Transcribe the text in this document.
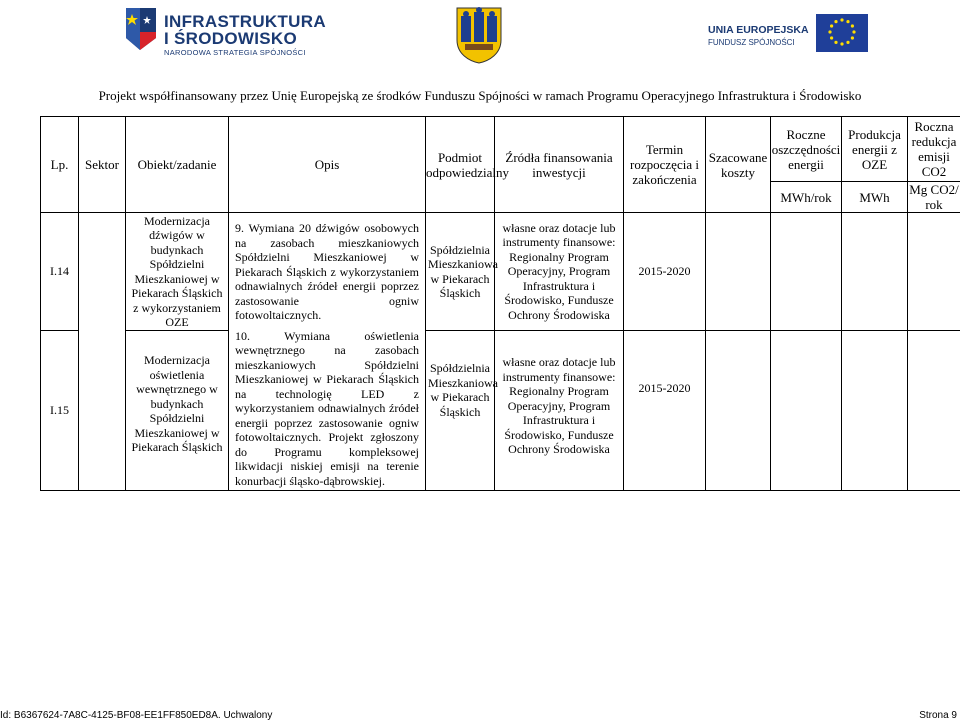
INFRASTRUKTURA
I ŚRODOWISKO
NARODOWA STRATEGIA SPÓJNOŚCI
UNIA EUROPEJSKA
FUNDUSZ SPÓJNOŚCI
Projekt współfinansowany przez Unię Europejską ze środków Funduszu Spójności w ramach Programu Operacyjnego Infrastruktura i Środowisko
Lp.	Sektor	Obiekt/zadanie	Opis	Podmiot odpowiedzialny	Źródła finansowania inwestycji	Termin rozpoczęcia i zakończenia	Szacowane koszty	Roczne oszczędności energii	Produkcja energii z OZE	Roczna redukcja emisji CO2
								MWh/rok	MWh	Mg CO2/ rok
I.14		Modernizacja dźwigów w budynkach Spółdzielni Mieszkaniowej w Piekarach Śląskich z wykorzystaniem OZE	9. Wymiana 20 dźwigów osobowych na zasobach mieszkaniowych Spółdzielni Mieszkaniowej w Piekarach Śląskich z wykorzystaniem odnawialnych źródeł energii poprzez zastosowanie ogniw fotowoltaicznych.

10. Wymiana oświetlenia wewnętrznego na zasobach mieszkaniowych Spółdzielni Mieszkaniowej w Piekarach Śląskich na technologię LED z wykorzystaniem odnawialnych źródeł energii poprzez zastosowanie ogniw fotowoltaicznych. Projekt zgłoszony do Programu kompleksowej likwidacji niskiej emisji na terenie konurbacji śląsko-dąbrowskiej.	Spółdzielnia Mieszkaniowa w Piekarach Śląskich	własne oraz dotacje lub instrumenty finansowe: Regionalny Program Operacyjny, Program Infrastruktura i Środowisko, Fundusze Ochrony Środowiska	2015-2020				
I.15		Modernizacja oświetlenia wewnętrznego w budynkach Spółdzielni Mieszkaniowej w Piekarach Śląskich		Spółdzielnia Mieszkaniowa w Piekarach Śląskich	własne oraz dotacje lub instrumenty finansowe: Regionalny Program Operacyjny, Program Infrastruktura i Środowisko, Fundusze Ochrony Środowiska	2015-2020				
Id: B6367624-7A8C-4125-BF08-EE1FF850ED8A. Uchwalony	Strona 9
